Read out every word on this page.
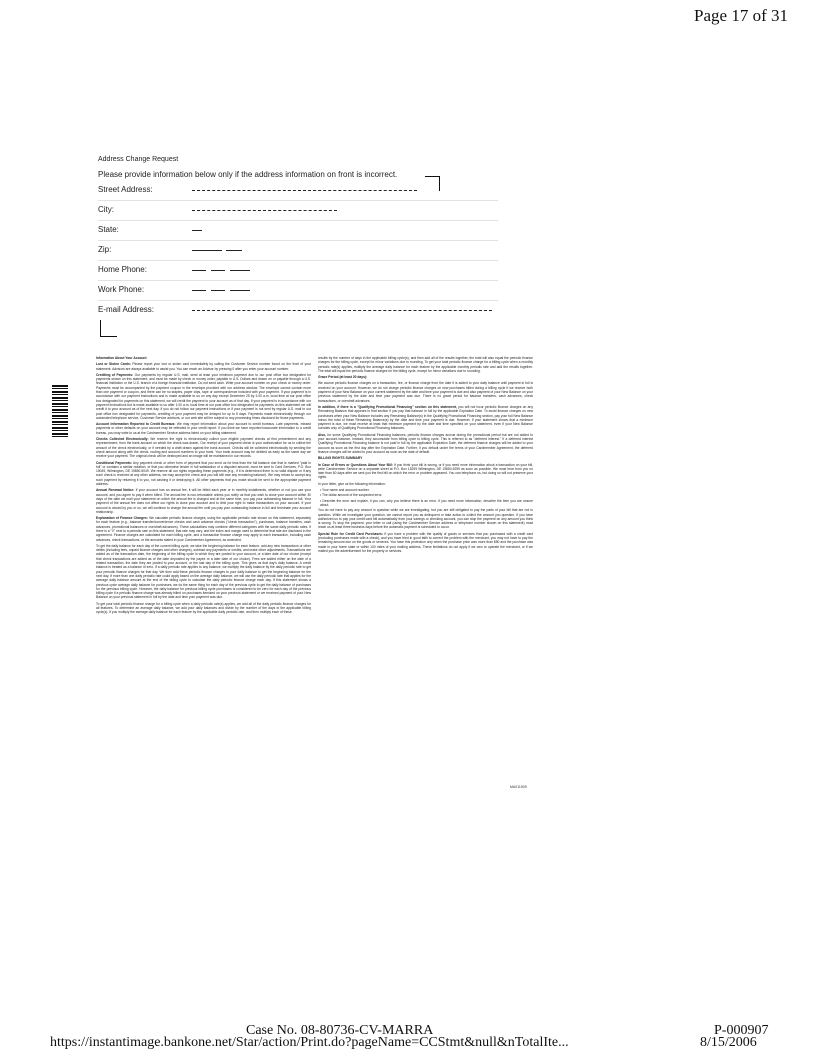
Page 17 of 31
Address Change Request
Please provide information below only if the address information on front is incorrect.
Street Address:
City:
State:
Zip:
Home Phone:
Work Phone:
E-mail Address:

Information About Your Account

Lost or Stolen Cards: Please report your lost or stolen card immediately by calling the Customer Service number found on the front of your statement. Advisors are always available to assist you. You can reach an Advisor by pressing 0 after you enter your account number.

Crediting of Payments: Our payments by regular U.S. mail, send at least your minimum payment due to our post office box designated for payments shown on this statement, and must be made by check or money order, payable in U.S. Dollars and drawn on or payable through a U.S. financial institution or the U.S. branch of a foreign financial institution. Do not send cash. Write your account number on your check or money order. Payments must be accompanied by the payment coupon in the envelope provided with our address window. The envelope cannot contain more than one payment or coupon, and there can be no staples, paper clips, tape or correspondence included with your payment. If your payment is in accordance with our payment instructions and is made available to us on any day except December 25 by 1:00 a.m. local time at our post office box designated for payments on this statement, we will credit the payment to your account as of that day. If your payment is in accordance with our payment instructions but is made available to us after 1:00 a.m. local time at our post office box designated for payments on this statement we will credit it to your account as of the next day. If you do not follow our payment instructions or if your payment is not sent by regular U.S. mail to our post office box designated for payments, crediting of your payment may be delayed for up to 5 days. Payments made electronically through our automated telephone service, Customer Service advisors, or our web site will be subject to any processing times disclosed for those payments.

Account Information Reported to Credit Bureaus: We may report information about your account to credit bureaus. Late payments, missed payments or other defaults on your account may be reflected in your credit report. If you think we have reported inaccurate information to a credit bureau, you may write to us at the Cardmember Service address listed on your billing statement.

Checks Collected Electronically: We reserve the right to electronically collect your eligible payment checks at first presentment and any representment, from the bank account on which the check was drawn. Our receipt of your payment check is your authorization for us to collect the amount of the check electronically, or if needed by a draft drawn against the bank account. Checks will be collected electronically by sending the check amount along with the check, routing and account numbers to your bank. Your bank account may be debited as early as the same day we receive your payment. The original check will be destroyed and an image will be maintained in our records.

Conditional Payments: Any payment check or other form of payment that you send us for less than the full balance due that is marked "paid in full" or contains a similar notation, or that you otherwise tender in full satisfaction of a disputed amount, must be sent to Card Services, P.O. Box 15049, Wilmington, DE 19850-5049. We reserve all our rights regarding these payments (e.g., if it is determined there is no valid dispute or if any such check is received at any other address, we may accept the check and you will still owe any remaining balance). We may refuse to accept any such payment by returning it to you, not cashing it or destroying it. All other payments that you make should be sent to the appropriate payment address.

Annual Renewal Notice: If your account has an annual fee, it will be billed each year or in monthly installments, whether or not you use your account, and you agree to pay it when billed. The annual fee is non-refundable unless you notify us that you wish to close your account within 30 days of the date we mail your statement on which the annual fee is charged and at the same time, you pay your outstanding balance in full. Your payment of the annual fee does not affect our rights to close your account and to limit your right to make transactions on your account. If your account is closed by you or us, we will continue to charge the annual fee until you pay your outstanding balance in full and terminate your account relationship.

Explanation of Finance Charges: We calculate periodic finance charges, using the applicable periodic rate shown on this statement, separately for each feature (e.g., balance transfer/convenience checks and cash advance checks ("check transaction"), purchases, balance transfers, cash advances, promotional balances or overdraft advances). These calculations may combine different categories with the same daily periodic rates. If there is a "V" next to a periodic rate on this statement, that rate may vary, and the index and margin used to determine that rate are disclosed in the agreement. Finance charges are calculated for each billing cycle, and a transaction finance charge may apply to each transaction, including cash advances, check transactions, or the amounts stated in your Cardmember Agreement, as amended.

To get the daily balance for each day of the current billing cycle, we take the beginning balance for each feature, add any new transactions or other debits (including fees, unpaid finance charges and other charges), subtract any payments or credits, and make other adjustments. Transactions are added as of the transaction date, the beginning of the billing cycle in which they are posted to your account, or a later date of our choice (except that check transactions are added as of the date deposited by the payee or a later date of our choice). Fees are added either on the date of a related transaction, the date they are posted to your account, or the last day of the billing cycle. This gives us that day's daily balance. A credit balance is treated as a balance of zero. If a daily periodic rate applies to any balance, we multiply the daily balance by the daily periodic rate to get your periodic finance charges for that day. We then add these periodic finance charges to your daily balance to get the beginning balance for the next day. If more than one daily periodic rate could apply based on the average daily balance, we will use the daily periodic rate that applies for the average daily balance amount at the end of the billing cycle to calculate the daily periodic finance charge each day. If this statement shows a previous cycle average daily balance for purchases, we do the same thing for each day of the previous cycle to get the daily balance of purchases for the previous billing cycle. However, the daily balance for previous billing cycle purchases is considered to be zero for each day of the previous billing cycle if a periodic finance charge was already billed on purchases itemized on your previous statement or we received payment of your New Balance on your previous statement in full by the date and time your payment was due.

To get your total periodic finance charge for a billing cycle when a daily periodic rate(s) applies, we add all of the daily periodic finance charges for all features. To determine an average daily balance, we add your daily balances and divide by the number of the days in the applicable billing cycle(s). If you multiply the average daily balance for each feature by the applicable daily periodic rate, and then multiply each of these

results by the number of days in the applicable billing cycle(s), and then add all of the results together, the total will also equal the periodic finance charges for the billing cycle, except for minor variations due to rounding. To get your total periodic finance charge for a billing cycle when a monthly periodic rate(s) applies, multiply the average daily balance for each feature by the applicable monthly periodic rate and add the results together. The total will equal the periodic finance charges for the billing cycle, except for minor variations due to rounding.

Grace Period (at least 20 days):

We accrue periodic finance charges on a transaction, fee, or finance charge from the date it is added to your daily balance until payment in full is received on your account. However, we do not charge periodic finance charges on new purchases billed during a billing cycle if we receive both payment of your New Balance on your current statement by the date and time your payment is due and also payment of your New Balance on your previous statement by the date and time your payment was due. There is no grace period for balance transfers, cash advances, check transactions, or overdraft advances.

In addition, if there is a "Qualifying Promotional Financing" section on this statement, you will not incur periodic finance charges on any Remaining Balance that appears in that section if you pay that balance in full by the applicable Expiration Date. To avoid finance charges on new purchases when your New Balance includes any Remaining Balance(s) in the Qualifying Promotional Financing section, pay your full New Balance minus the total of these Remaining Balance(s) by the date and time your payment is due. However, if your statement shows that a minimum payment is due, we must receive at least that minimum payment by the date and time specified on your statement, even if your New Balance consists only of Qualifying Promotional Financing balances.

Also, for some Qualifying Promotional Financing balances, periodic finance charges accrue during the promotional period but are not added to your account balance. Instead, they accumulate from billing cycle to billing cycle. This is referred to as "deferred interest." If a deferred interest Qualifying Promotional Financing balance is not paid in full by the applicable Expiration Date, the deferred finance charges will be added to your account as soon as the first day after the Expiration Date. Further, if you default under the terms of your Cardmember Agreement, the deferred finance charges will be added to your account as soon as the date of default.

BILLING RIGHTS SUMMARY

In Case of Errors or Questions About Your Bill: If you think your bill is wrong, or if you need more information about a transaction on your bill, write Cardmember Service on a separate sheet at P.O. Box 15299 Wilmington, DE 19850-5299 as soon as possible. We must hear from you no later than 60 days after we sent you the first bill on which the error or problem appeared. You can telephone us, but doing so will not preserve your rights.

In your letter, give us the following information:

• Your name and account number.

• The dollar amount of the suspected error.

• Describe the error and explain, if you can, why you believe there is an error. If you need more information, describe the item you are unsure about.

You do not have to pay any amount in question while we are investigating, but you are still obligated to pay the parts of your bill that are not in question. While we investigate your question, we cannot report you as delinquent or take action to collect the amount you question. If you have authorized us to pay your credit card bill automatically from your savings or checking account, you can stop the payment on any amount you think is wrong. To stop the payment, your letter or call (using the Cardmember Service address or telephone number shown on this statement) must reach us at least three business days before the automatic payment is scheduled to occur.

Special Rule for Credit Card Purchases: If you have a problem with the quality of goods or services that you purchased with a credit card (excluding purchases made with a check), and you have tried in good faith to correct the problem with the merchant, you may not have to pay the remaining amount due on the goods or services. You have this protection only when the purchase price was more than $50 and the purchase was made in your home state or within 100 miles of your mailing address. These limitations do not apply if we own or operate the merchant, or if we mailed you the advertisement for the property or services.

MA011509
Case No. 08-80736-CV-MARRA	P-000907
https://instantimage.bankone.net/Star/action/Print.do?pageName=CCStmt&null&nTotalIte...	8/15/2006
